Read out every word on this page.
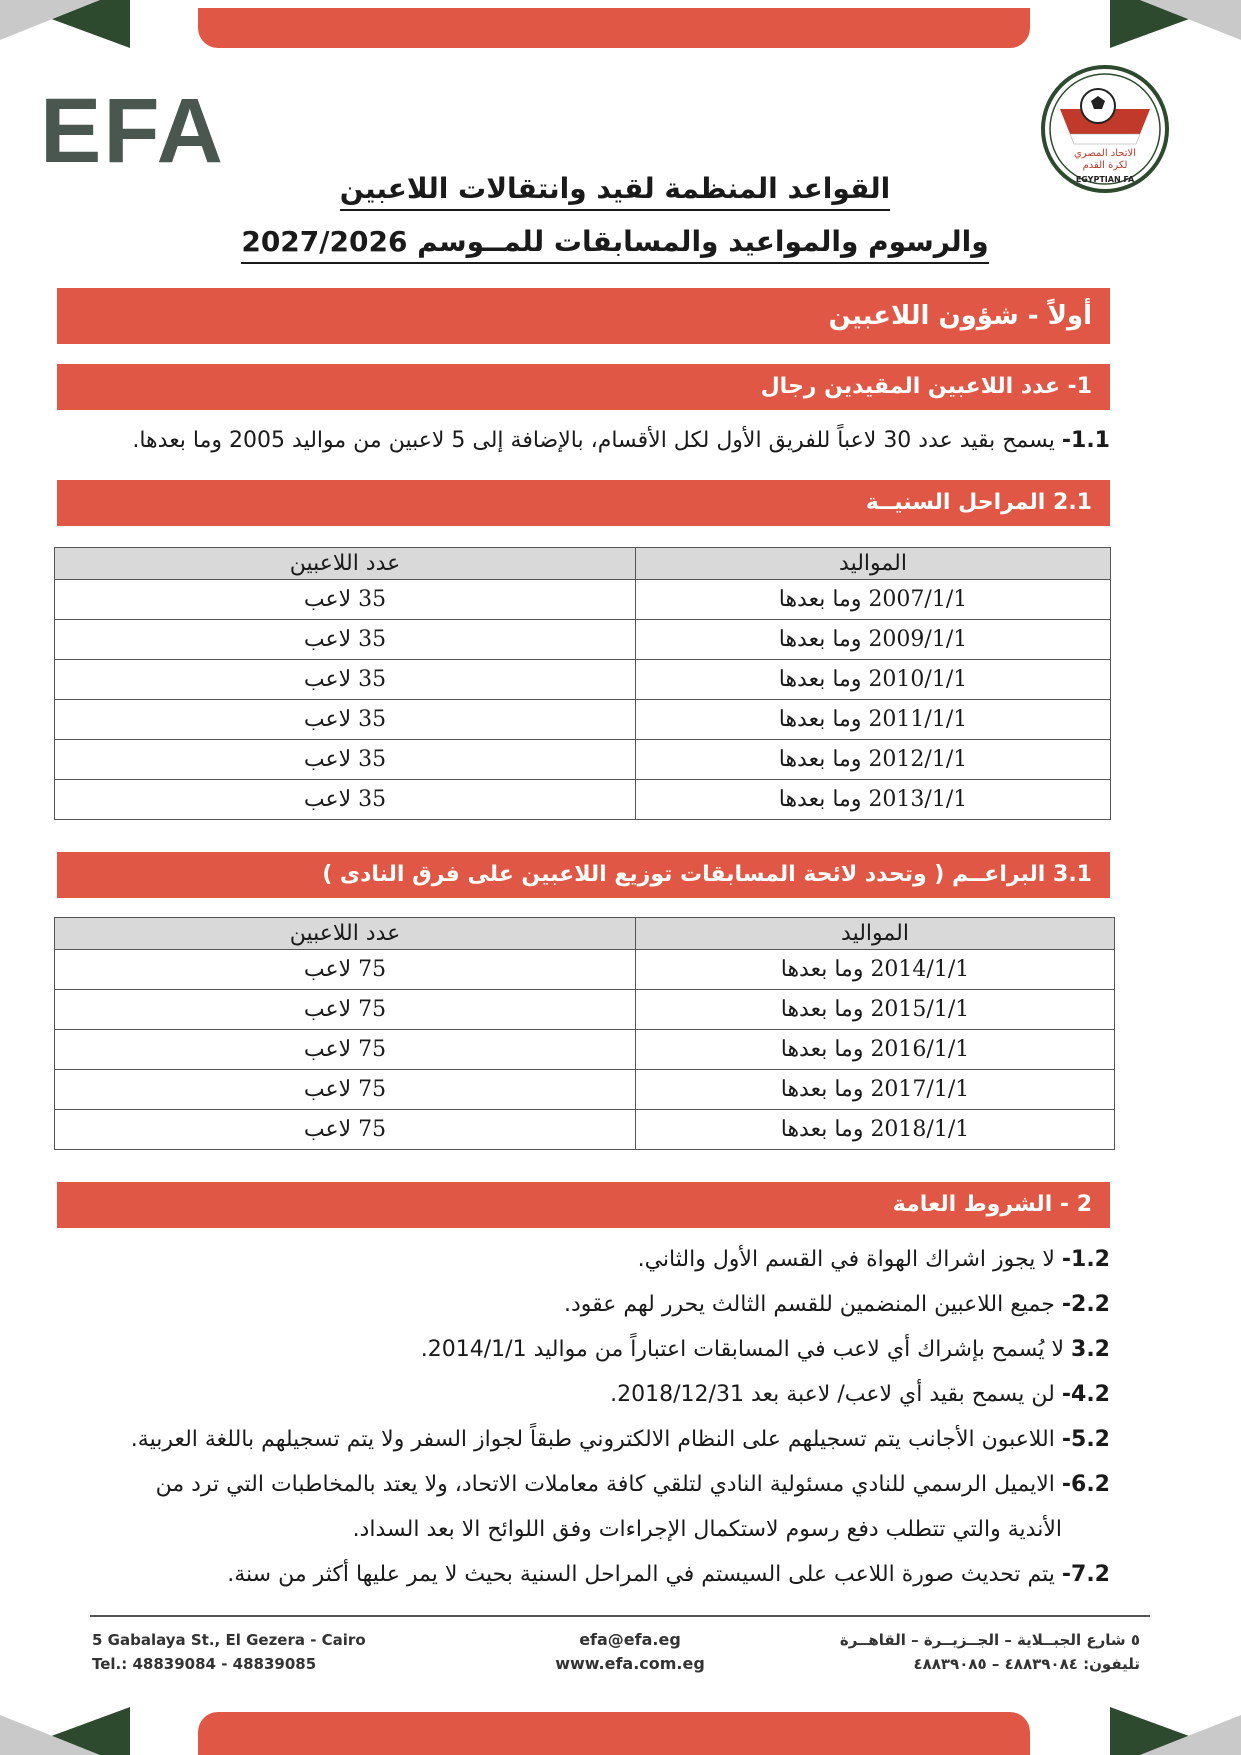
EFA	الاتحاد المصري
لكرة القدم
EGYPTIAN FA
القواعد المنظمة لقيد وانتقالات اللاعبين
والرسوم والمواعيد والمسابقات للمــوسم 2027/2026
أولاً - شؤون اللاعبين
1- عدد اللاعبين المقيدين رجال
1.1- يسمح بقيد عدد 30 لاعباً للفريق الأول لكل الأقسام، بالإضافة إلى 5 لاعبين من مواليد 2005 وما بعدها.
2.1 المراحل السنيــة
المواليد	عدد اللاعبين
2007/1/1 وما بعدها	35 لاعب
2009/1/1 وما بعدها	35 لاعب
2010/1/1 وما بعدها	35 لاعب
2011/1/1 وما بعدها	35 لاعب
2012/1/1 وما بعدها	35 لاعب
2013/1/1 وما بعدها	35 لاعب
3.1 البراعــم ( وتحدد لائحة المسابقات توزيع اللاعبين على فرق النادى )
المواليد	عدد اللاعبين
2014/1/1 وما بعدها	75 لاعب
2015/1/1 وما بعدها	75 لاعب
2016/1/1 وما بعدها	75 لاعب
2017/1/1 وما بعدها	75 لاعب
2018/1/1 وما بعدها	75 لاعب
2 - الشروط العامة
1.2- لا يجوز اشراك الهواة في القسم الأول والثاني.
2.2- جميع اللاعبين المنضمين للقسم الثالث يحرر لهم عقود.
3.2 لا يُسمح بإشراك أي لاعب في المسابقات اعتباراً من مواليد 2014/1/1.
4.2- لن يسمح بقيد أي لاعب/ لاعبة بعد 2018/12/31.
5.2- اللاعبون الأجانب يتم تسجيلهم على النظام الالكتروني طبقاً لجواز السفر ولا يتم تسجيلهم باللغة العربية.
6.2- الايميل الرسمي للنادي مسئولية النادي لتلقي كافة معاملات الاتحاد، ولا يعتد بالمخاطبات التي ترد من
الأندية والتي تتطلب دفع رسوم لاستكمال الإجراءات وفق اللوائح الا بعد السداد.
7.2- يتم تحديث صورة اللاعب على السيستم في المراحل السنية بحيث لا يمر عليها أكثر من سنة.
5 Gabalaya St., El Gezera - Cairo
Tel.: 48839084 - 48839085
efa@efa.eg
www.efa.com.eg
٥ شارع الجبــلاية – الجــزيــرة – القاهــرة
تليفون: ٤٨٨٣٩٠٨٤ – ٤٨٨٣٩٠٨٥
